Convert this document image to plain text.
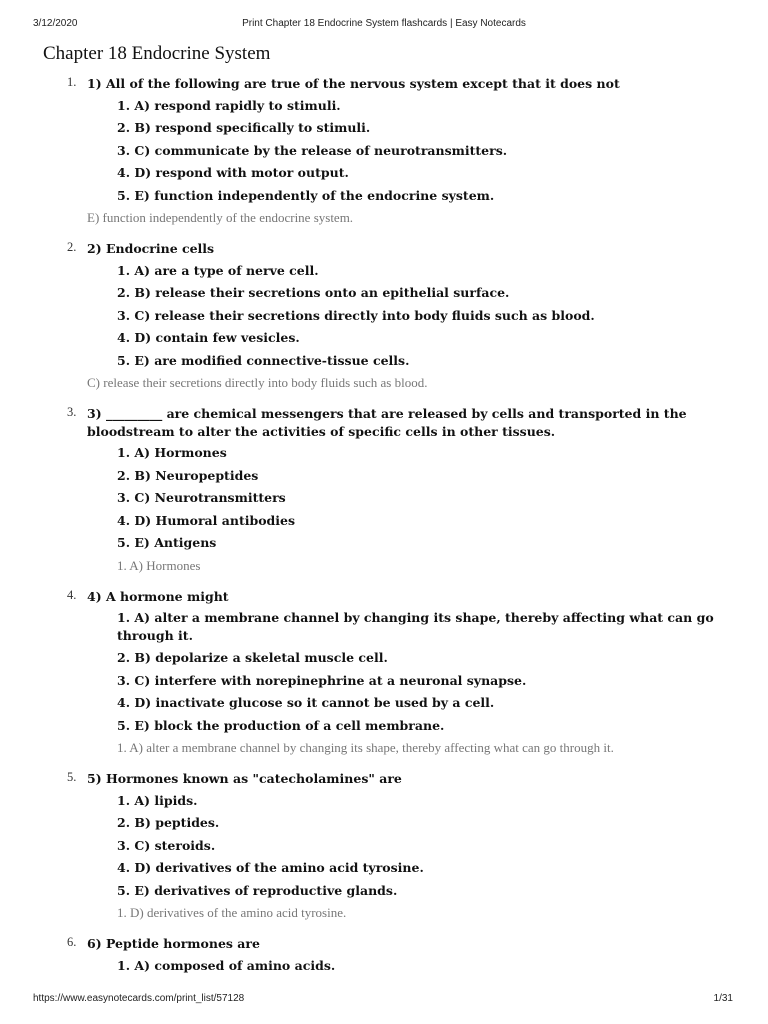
3/12/2020	Print Chapter 18 Endocrine System flashcards | Easy Notecards
Chapter 18 Endocrine System
1. 1) All of the following are true of the nervous system except that it does not
1. A) respond rapidly to stimuli.
2. B) respond specifically to stimuli.
3. C) communicate by the release of neurotransmitters.
4. D) respond with motor output.
5. E) function independently of the endocrine system.
E) function independently of the endocrine system.
2. 2) Endocrine cells
1. A) are a type of nerve cell.
2. B) release their secretions onto an epithelial surface.
3. C) release their secretions directly into body fluids such as blood.
4. D) contain few vesicles.
5. E) are modified connective-tissue cells.
C) release their secretions directly into body fluids such as blood.
3. 3) _________ are chemical messengers that are released by cells and transported in the bloodstream to alter the activities of specific cells in other tissues.
1. A) Hormones
2. B) Neuropeptides
3. C) Neurotransmitters
4. D) Humoral antibodies
5. E) Antigens
1. A) Hormones
4. 4) A hormone might
1. A) alter a membrane channel by changing its shape, thereby affecting what can go through it.
2. B) depolarize a skeletal muscle cell.
3. C) interfere with norepinephrine at a neuronal synapse.
4. D) inactivate glucose so it cannot be used by a cell.
5. E) block the production of a cell membrane.
1. A) alter a membrane channel by changing its shape, thereby affecting what can go through it.
5. 5) Hormones known as "catecholamines" are
1. A) lipids.
2. B) peptides.
3. C) steroids.
4. D) derivatives of the amino acid tyrosine.
5. E) derivatives of reproductive glands.
1. D) derivatives of the amino acid tyrosine.
6. 6) Peptide hormones are
1. A) composed of amino acids.
https://www.easynotecards.com/print_list/57128	1/31
